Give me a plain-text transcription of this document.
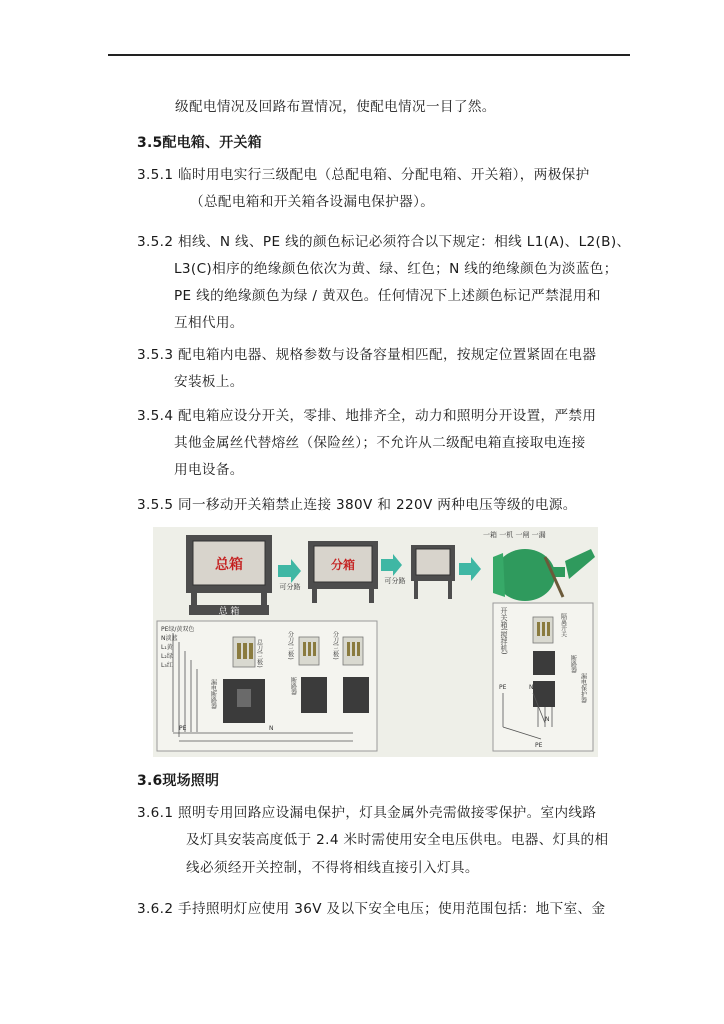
级配电情况及回路布置情况，使配电情况一目了然。
3.5配电箱、开关箱
3.5.1 临时用电实行三级配电（总配电箱、分配电箱、开关箱），两极保护
（总配电箱和开关箱各设漏电保护器）。
3.5.2 相线、N 线、PE 线的颜色标记必须符合以下规定：相线 L1(A)、L2(B)、
L3(C)相序的绝缘颜色依次为黄、绿、红色；N 线的绝缘颜色为淡蓝色；
PE 线的绝缘颜色为绿 / 黄双色。任何情况下上述颜色标记严禁混用和
互相代用。
3.5.3 配电箱内电器、规格参数与设备容量相匹配，按规定位置紧固在电器
安装板上。
3.5.4 配电箱应设分开关，零排、地排齐全，动力和照明分开设置，严禁用
其他金属丝代替熔丝（保险丝）；不允许从二级配电箱直接取电连接
用电设备。
3.5.5 同一移动开关箱禁止连接 380V 和 220V 两种电压等级的电源。
总箱
总 箱
可分路
分箱
可分路
一箱 一机 一闸 一漏
PE绿/黄双色
N淡蓝
L₁黄
L₂绿
L₃红	总刀(三极)
漏电断路器
分刀(三极)	分刀(三极)
断路器
PE	N
开关箱(搅拌机)	隔离开关
断路器
漏电保护器
PE	N
N
PE
3.6现场照明
3.6.1 照明专用回路应设漏电保护，灯具金属外壳需做接零保护。室内线路
及灯具安装高度低于 2.4 米时需使用安全电压供电。电器、灯具的相
线必须经开关控制，不得将相线直接引入灯具。
3.6.2 手持照明灯应使用 36V 及以下安全电压；使用范围包括：地下室、金
